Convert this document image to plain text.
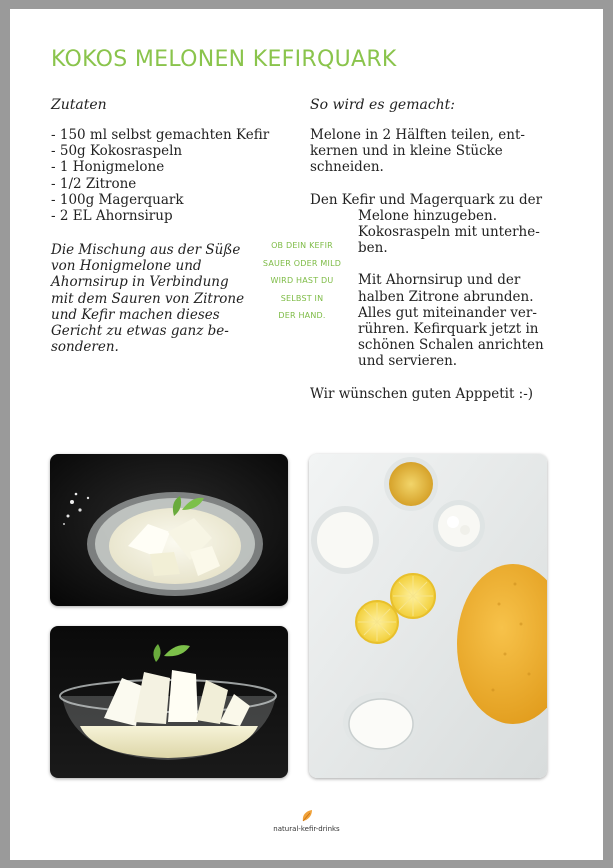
KOKOS MELONEN KEFIRQUARK
Zutaten
- 150 ml selbst gemachten Kefir
- 50g Kokosraspeln
- 1 Honigmelone
- 1/2 Zitrone
- 100g Magerquark
- 2 EL Ahornsirup
Die Mischung aus der Süße
von Honigmelone und
Ahornsirup in Verbindung
mit dem Sauren von Zitrone
und Kefir machen dieses
Gericht zu etwas ganz be-
sonderen.
OB DEIN KEFIR
SAUER ODER MILD
WIRD HAST DU
SELBST IN
DER HAND.
So wird es gemacht:
Melone in 2 Hälften teilen, ent-
kernen und in kleine Stücke
schneiden.
Den Kefir und Magerquark zu der
Melone hinzugeben.
Kokosraspeln mit unterhe-
ben.
Mit Ahornsirup und der
halben Zitrone abrunden.
Alles gut miteinander ver-
rühren. Kefirquark jetzt in
schönen Schalen anrichten
und servieren.
Wir wünschen guten Apppetit :-)
natural-kefir-drinks
